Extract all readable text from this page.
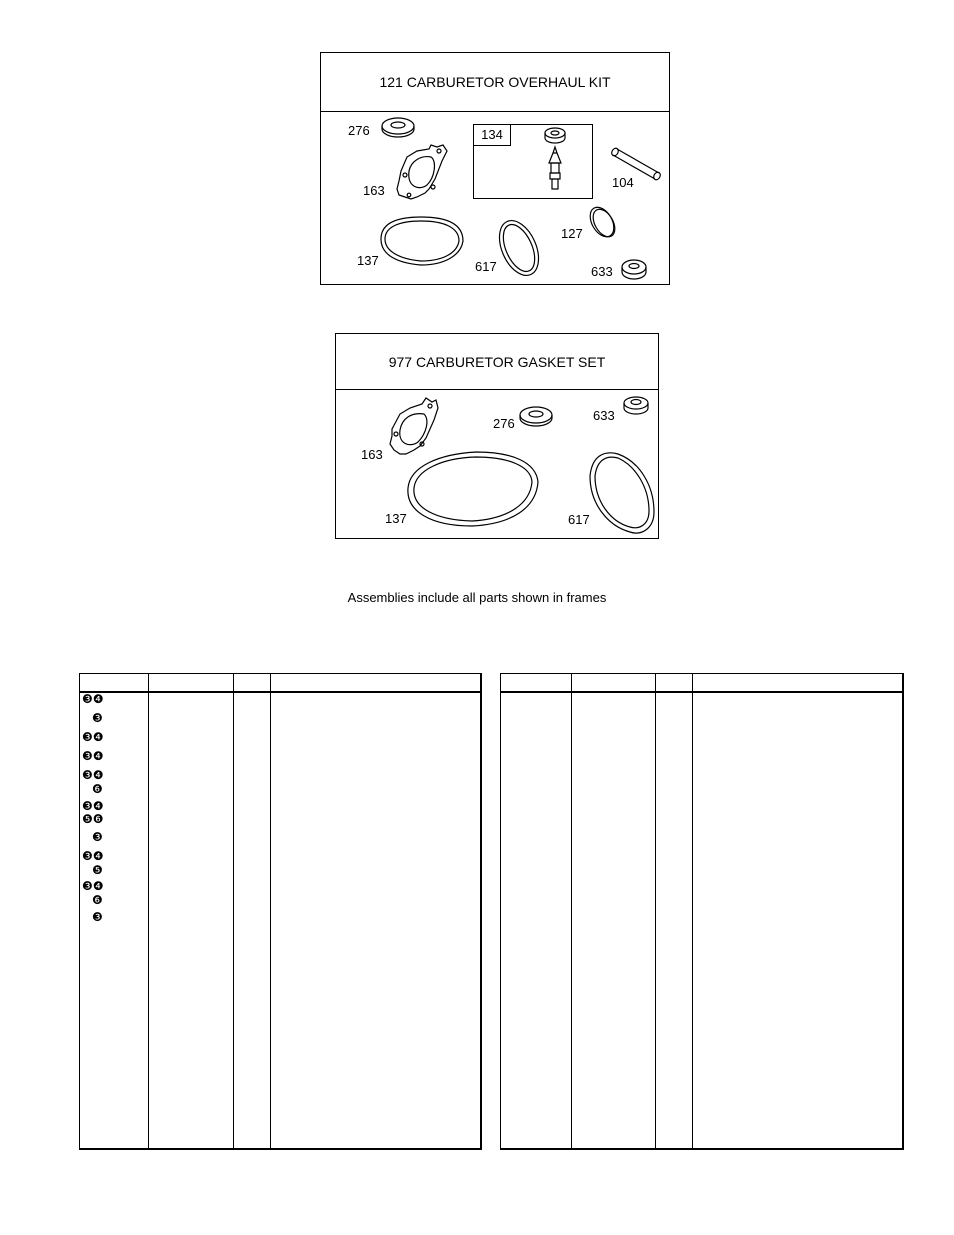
121 CARBURETOR OVERHAUL KIT
134
276
163
104
127
137	617	633
977 CARBURETOR GASKET SET
163
276
633
137	617
Assemblies include all parts shown in frames
❸❹
❸
❸❹
❸❹
❸❹
❻
❸❹
❺❻
❸
❸❹
❺
❸❹
❻
❸
